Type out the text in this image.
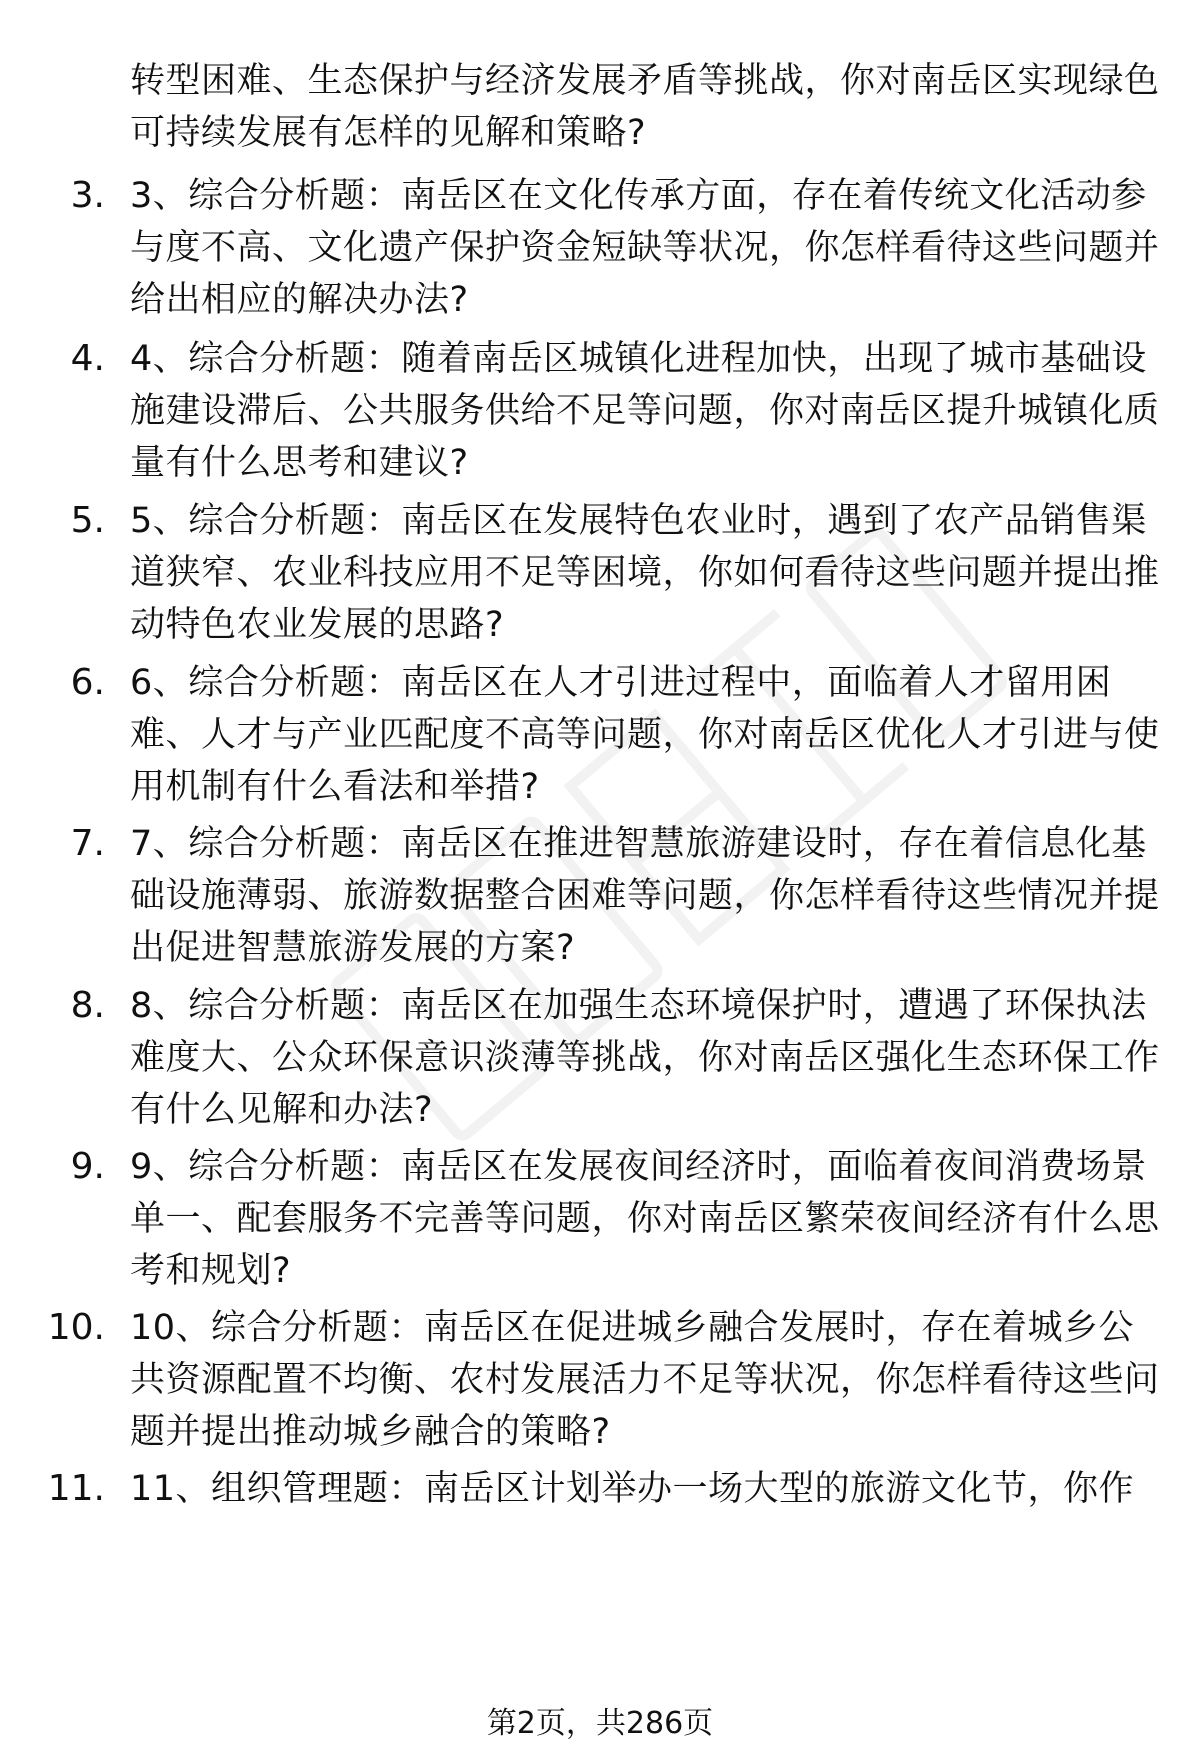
转型困难、生态保护与经济发展矛盾等挑战，你对南岳区实现绿色可持续发展有怎样的见解和策略?
3. 3、综合分析题：南岳区在文化传承方面，存在着传统文化活动参与度不高、文化遗产保护资金短缺等状况，你怎样看待这些问题并给出相应的解决办法?
4. 4、综合分析题：随着南岳区城镇化进程加快，出现了城市基础设施建设滞后、公共服务供给不足等问题，你对南岳区提升城镇化质量有什么思考和建议?
5. 5、综合分析题：南岳区在发展特色农业时，遇到了农产品销售渠道狭窄、农业科技应用不足等困境，你如何看待这些问题并提出推动特色农业发展的思路?
6. 6、综合分析题：南岳区在人才引进过程中，面临着人才留用困难、人才与产业匹配度不高等问题，你对南岳区优化人才引进与使用机制有什么看法和举措?
7. 7、综合分析题：南岳区在推进智慧旅游建设时，存在着信息化基础设施薄弱、旅游数据整合困难等问题，你怎样看待这些情况并提出促进智慧旅游发展的方案?
8. 8、综合分析题：南岳区在加强生态环境保护时，遭遇了环保执法难度大、公众环保意识淡薄等挑战，你对南岳区强化生态环保工作有什么见解和办法?
9. 9、综合分析题：南岳区在发展夜间经济时，面临着夜间消费场景单一、配套服务不完善等问题，你对南岳区繁荣夜间经济有什么思考和规划?
10. 10、综合分析题：南岳区在促进城乡融合发展时，存在着城乡公共资源配置不均衡、农村发展活力不足等状况，你怎样看待这些问题并提出推动城乡融合的策略?
11. 11、组织管理题：南岳区计划举办一场大型的旅游文化节，你作
第2页，共286页
